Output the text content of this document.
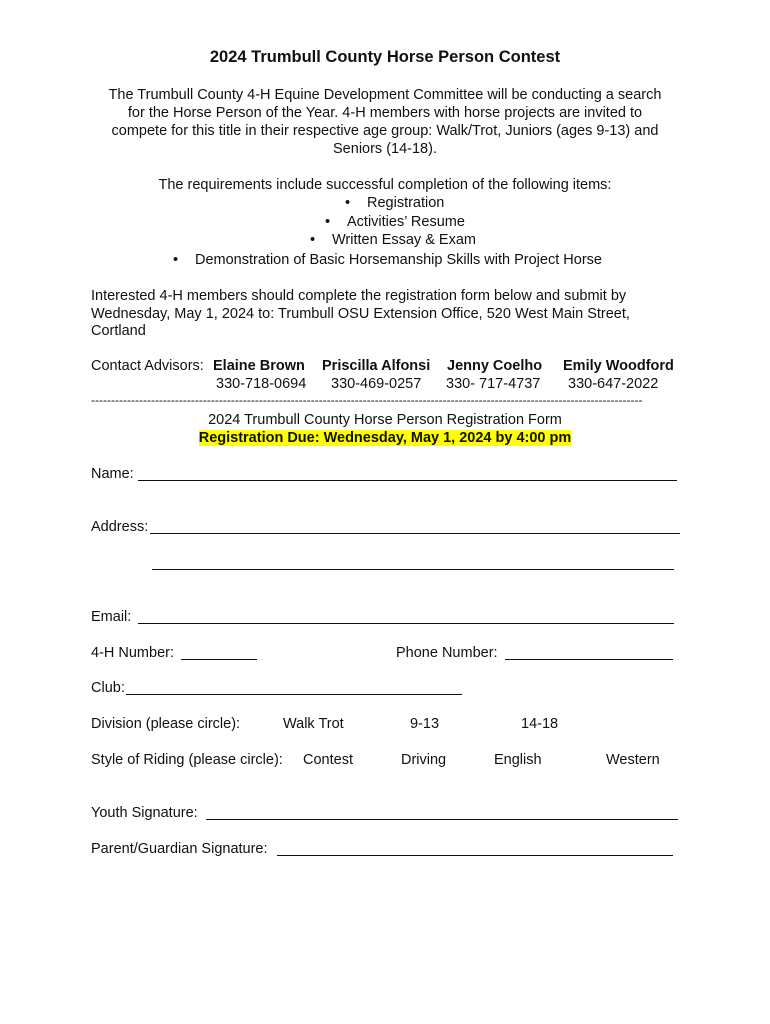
2024 Trumbull County Horse Person Contest
The Trumbull County 4-H Equine Development Committee will be conducting a search
for the Horse Person of the Year. 4-H members with horse projects are invited to
compete for this title in their respective age group: Walk/Trot, Juniors (ages 9-13) and
Seniors (14-18).
The requirements include successful completion of the following items:
• Registration
• Activities’ Resume
• Written Essay & Exam
• Demonstration of Basic Horsemanship Skills with Project Horse
Interested 4-H members should complete the registration form below and submit by
Wednesday, May 1, 2024 to: Trumbull OSU Extension Office, 520 West Main Street,
Cortland
Contact Advisors: Elaine Brown Priscilla Alfonsi Jenny Coelho Emily Woodford
330-718-0694 330-469-0257 330- 717-4737 330-647-2022
------------------------------------------------------------------------------------------------------------------------------------------
2024 Trumbull County Horse Person Registration Form
Registration Due: Wednesday, May 1, 2024 by 4:00 pm
Name:
Address:
Email:
4-H Number:	Phone Number:
Club:
Division (please circle):	Walk Trot	9-13	14-18
Style of Riding (please circle): Contest	Driving	English	Western
Youth Signature:
Parent/Guardian Signature:
